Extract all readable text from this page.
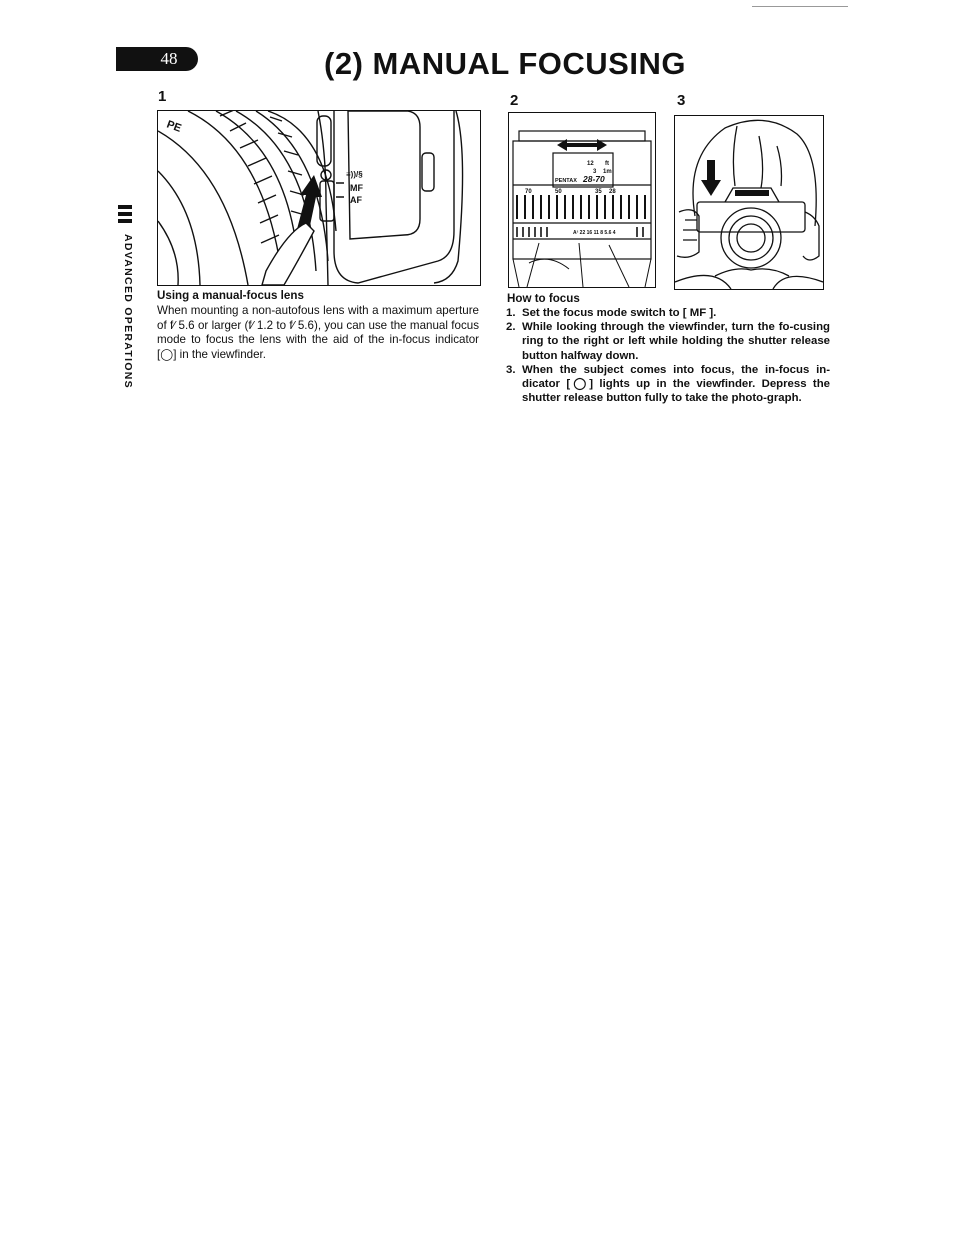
48	(2) MANUAL FOCUSING
ADVANCED OPERATIONS
1
PE
≡))/§
MF
AF
2
12 ft
3 1m
PENTAX 28-70
70	50	35 28
A² 22 16 11 8 5.6 4
3
Using a manual-focus lens

When mounting a non-autofous lens with a maximum aperture of f∕ 5.6 or larger (f∕ 1.2 to f∕ 5.6), you can use the manual focus mode to focus the lens with the aid of the in-focus indicator [◯] in the viewfinder.

How to focus
1. Set the focus mode switch to [ MF ].
2. While looking through the viewfinder, turn the fo-cusing ring to the right or left while holding the shutter release button halfway down.
3. When the subject comes into focus, the in-focus in-dicator [◯] lights up in the viewfinder. Depress the shutter release button fully to take the photo-graph.
